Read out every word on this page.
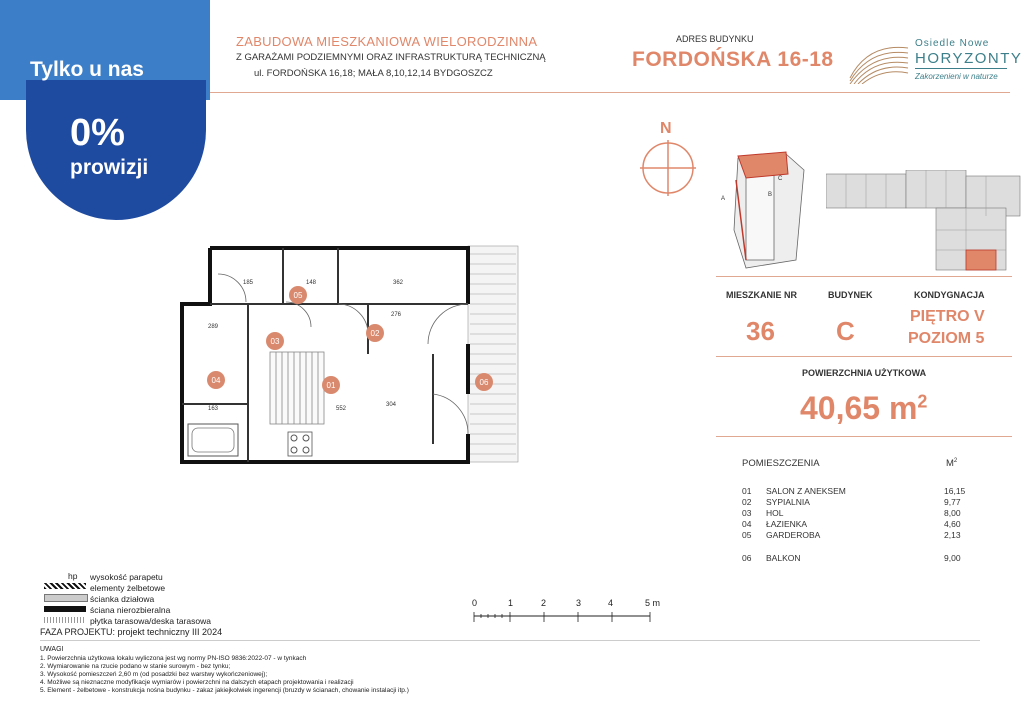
Tylko u nas
0%
prowizji
ZABUDOWA MIESZKANIOWA WIELORODZINNA
Z GARAŻAMI PODZIEMNYMI ORAZ INFRASTRUKTURĄ TECHNICZNĄ
ul. FORDOŃSKA 16,18; MAŁA 8,10,12,14 BYDGOSZCZ
ADRES BUDYNKU
FORDOŃSKA 16-18
Osiedle Nowe
HORYZONTY
Zakorzenieni w naturze
N
A
B
C
MIESZKANIE NR	BUDYNEK	KONDYGNACJA
36 C	PIĘTRO V
POZIOM 5
POWIERZCHNIA UŻYTKOWA
40,65 $m^2$
POMIESZCZENIA	$M^2$
01	SALON Z ANEKSEM	16,15
02	SYPIALNIA	9,77
03	HOL	8,00
04	ŁAZIENKA	4,60
05	GARDEROBA	2,13
06	BALKON	9,00
05
02
03
04
01	06
185	148	362
289
276
552
304
163
hp wysokość parapetu
elementy żelbetowe
ścianka działowa
ściana nierozbieralna
płytka tarasowa/deska tarasowa
FAZA PROJEKTU: projekt techniczny III 2024
0	1	2	3	4	5 m
UWAGI
1. Powierzchnia użytkowa lokalu wyliczona jest wg normy PN-ISO 9836:2022-07 - w tynkach
2. Wymiarowanie na rzucie podano w stanie surowym - bez tynku;
3. Wysokość pomieszczeń 2,60 m (od posadzki bez warstwy wykończeniowej);
4. Możliwe są nieznaczne modyfikacje wymiarów i powierzchni na dalszych etapach projektowania i realizacji
5. Element - żelbetowe - konstrukcja nośna budynku - zakaz jakiejkolwiek ingerencji (bruzdy w ścianach, chowanie instalacji itp.)
